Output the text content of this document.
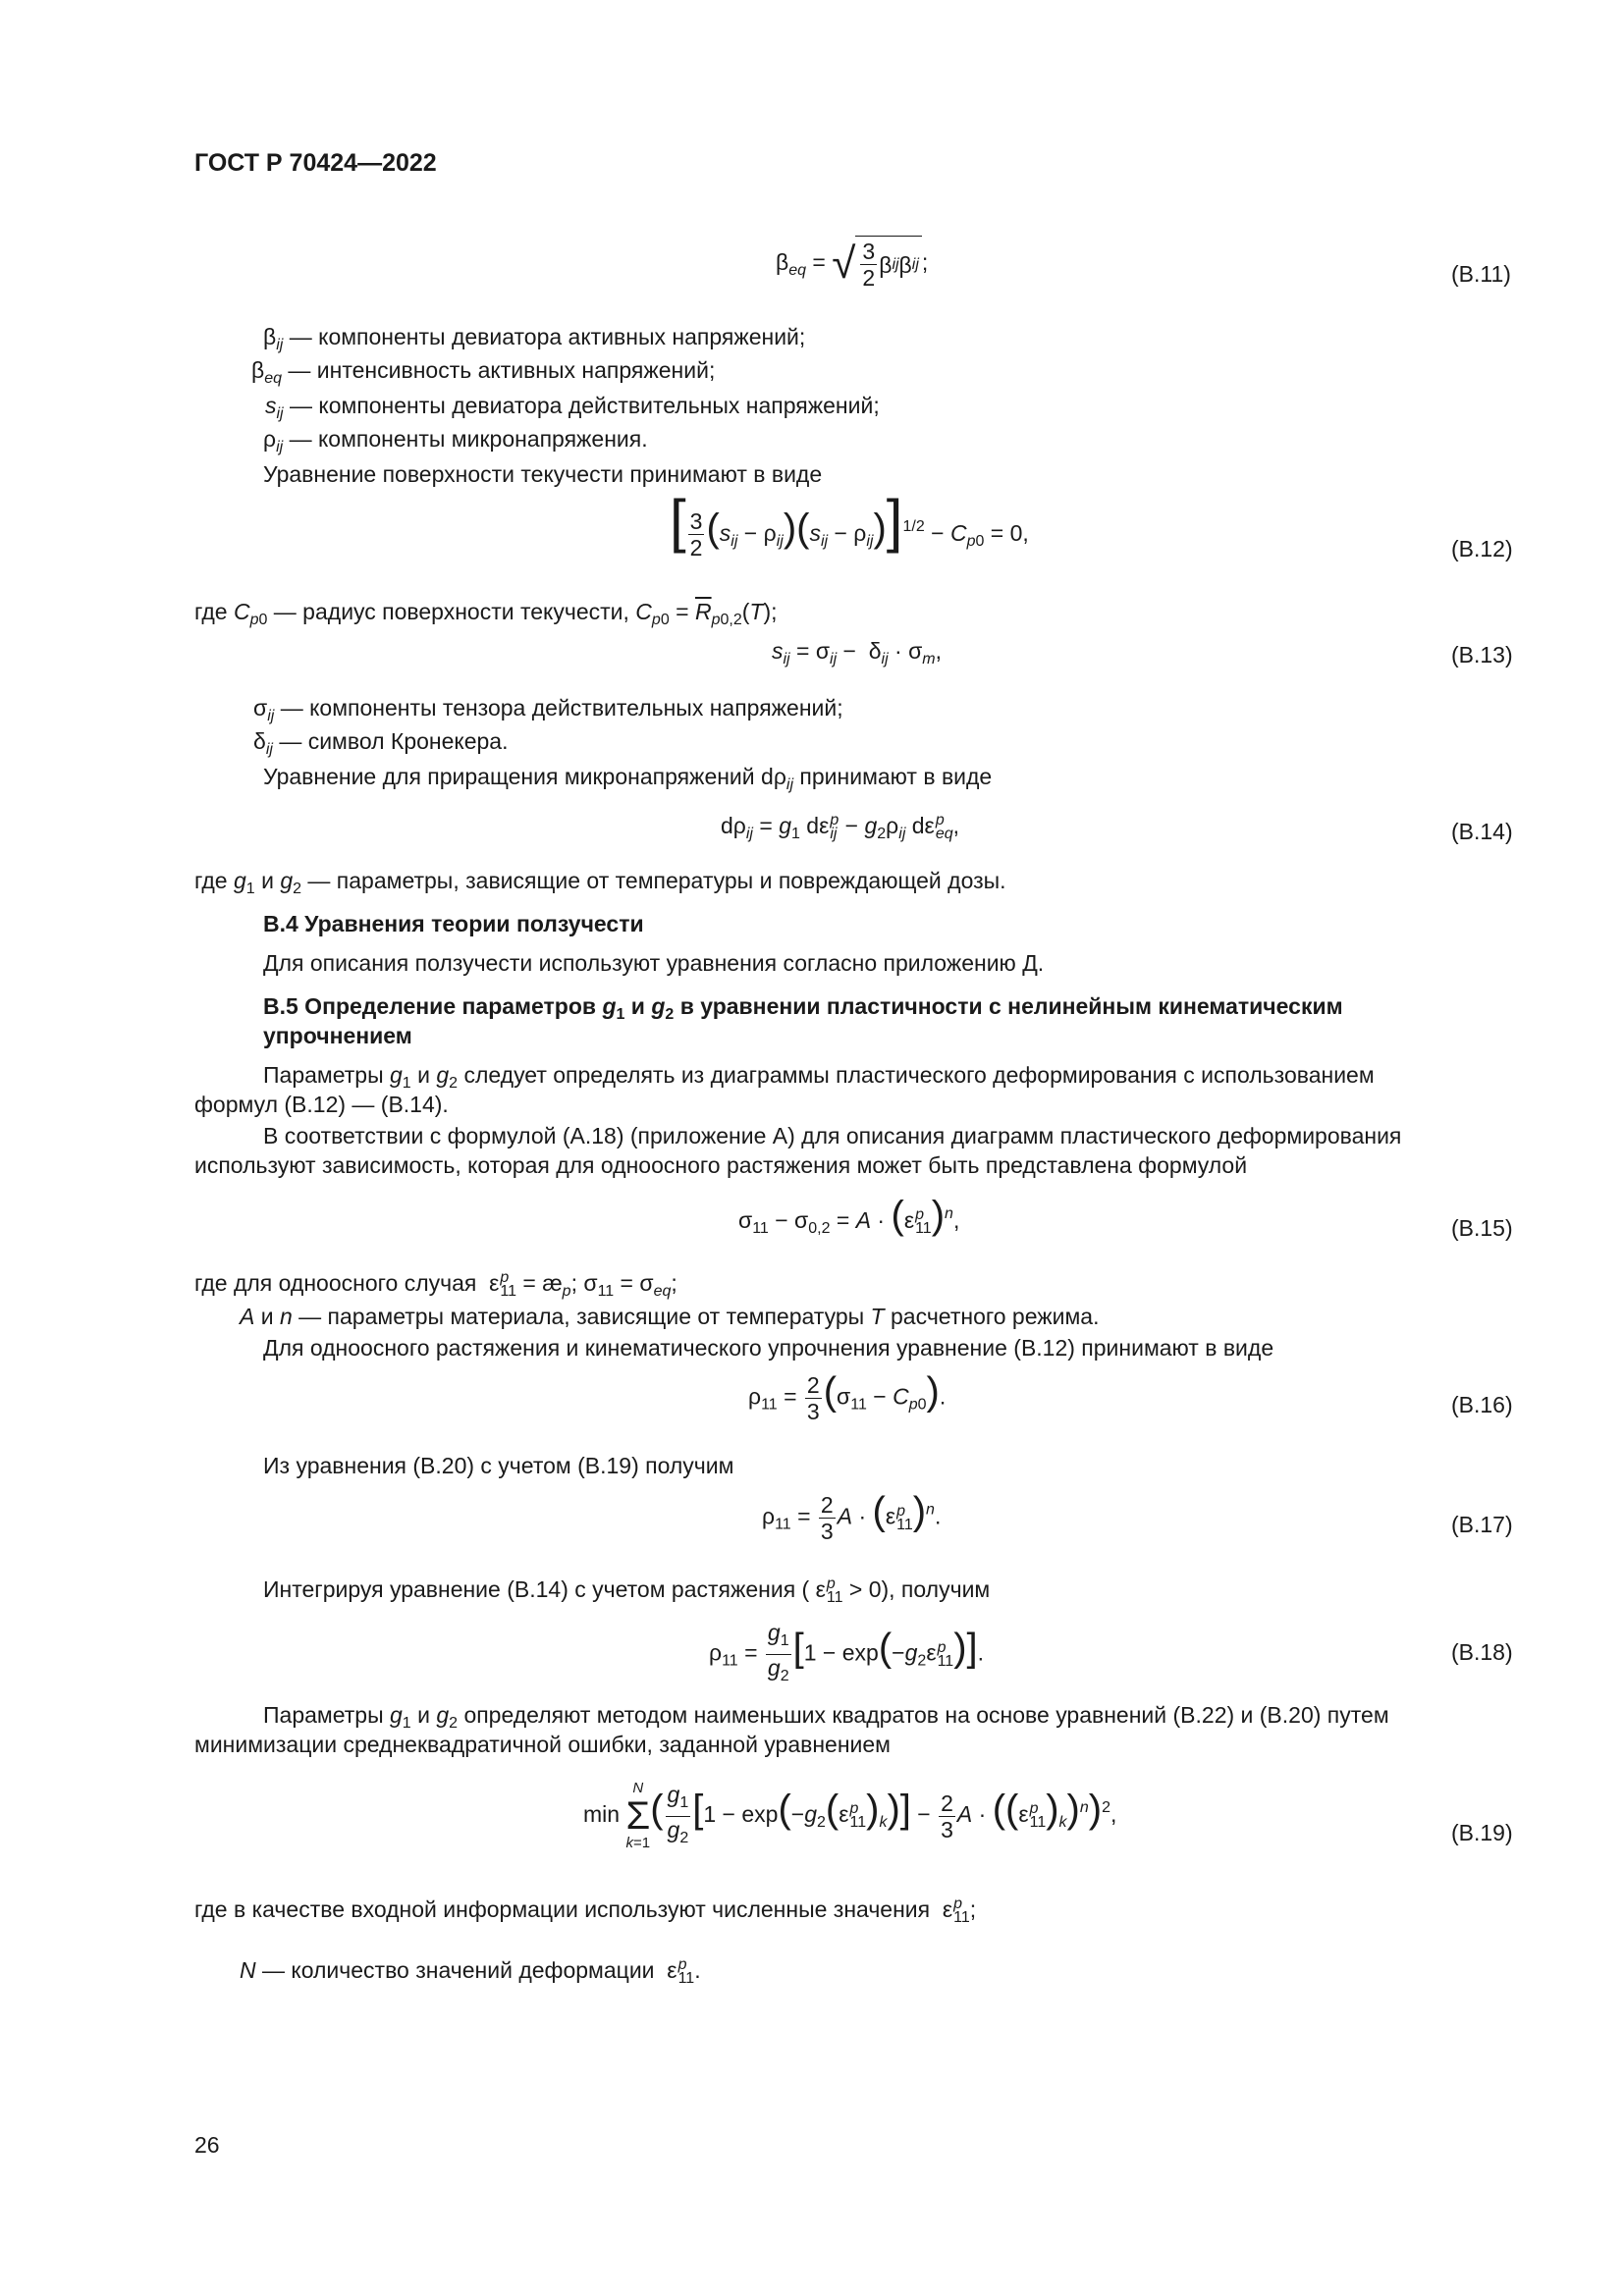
ГОСТ Р 70424—2022
$\beta_{eq}$ = √ $\frac{3}{2}$ β ij β ij ;	(В.11)
$\beta_{ij}$ — компоненты девиатора активных напряжений;
$\beta_{eq}$ — интенсивность активных напряжений;
$s_{ij}$ — компоненты девиатора действительных напряжений;
$\rho_{ij}$ — компоненты микронапряжения.
Уравнение поверхности текучести принимают в виде
[ $\frac{3}{2} (s_{ij} - \rho_{ij})(s_{ij} - \rho_{ij})]^{1/2} - C_{p0} = 0$,
(В.12)
где $C_{p0}$ — радиус поверхности текучести, $C_{p0} = \overline{R}_{p0,2}(T)$;
$s_{ij} = \sigma_{ij} - \delta_{ij} \cdot \sigma_m$,	(В.13)
$\sigma_{ij}$ — компоненты тензора действительных напряжений;
$\delta_{ij}$ — символ Кронекера.
Уравнение для приращения микронапряжений $d\rho_{ij}$ принимают в виде
$d\rho_{ij} = g_1$ dε p
ij − $g_2\rho_{ij}$ dε p
eq ,	(В.14)
где $g_1$ и $g_2$ — параметры, зависящие от температуры и повреждающей дозы.
В.4 Уравнения теории ползучести
Для описания ползучести используют уравнения согласно приложению Д.
В.5 Определение параметров $g_1$ и $g_2$ в уравнении пластичности с нелинейным кинематическим
упрочнением
Параметры $g_1$ и $g_2$ следует определять из диаграммы пластического деформирования с использованием
формул (В.12) — (В.14).
В соответствии с формулой (А.18) (приложение А) для описания диаграмм пластического деформирования
используют зависимость, которая для одноосного растяжения может быть представлена формулой
$\sigma_{11} - \sigma_{0,2} = A \cdot (\varepsilon$ p
11 )$^n$,	(В.15)
где для одноосного случая  ε p
$11 = æ_p$; $\sigma_{11} = \sigma_{eq}$;
A и n — параметры материала, зависящие от температуры T расчетного режима.
Для одноосного растяжения и кинематического упрочнения уравнение (В.12) принимают в виде
$\rho_{11} = \frac{2}{3} (\sigma_{11} - C_{p0})$.	(В.16)
Из уравнения (В.20) с учетом (В.19) получим
$\rho_{11} = \frac{2}{3}$ A · (ε p
11 )$^n$.	(В.17)
Интегрируя уравнение (В.14) с учетом растяжения ( ε p
11 > 0), получим
$\rho_{11} = \frac{g_1}{g_2} [1 - \exp(-g_2\varepsilon$ p
11 )].	(В.18)
Параметры $g_1$ и $g_2$ определяют методом наименьших квадратов на основе уравнений (В.22) и (В.20) путем
минимизации среднеквадратичной ошибки, заданной уравнением
min
N
Σ
k=1
( $\frac{g_1}{g_2} [1 - \exp(-g_2(\varepsilon$ p
11 )$_k)] - \frac{2}{3}$ A · ((ε p
11 )$_k)^n)^2$,
(В.19)
где в качестве входной информации используют численные значения  ε p
11 ;
N — количество значений деформации  ε p
11 .
26
